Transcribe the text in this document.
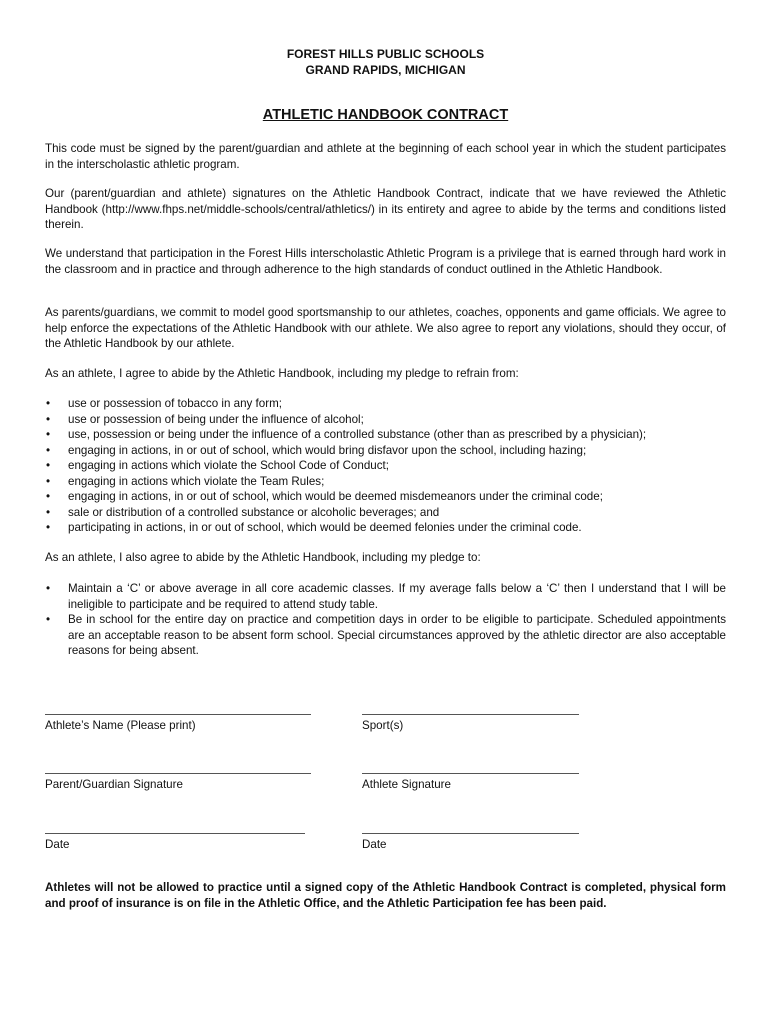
FOREST HILLS PUBLIC SCHOOLS
GRAND RAPIDS, MICHIGAN
ATHLETIC HANDBOOK CONTRACT

This code must be signed by the parent/guardian and athlete at the beginning of each school year in which the student participates in the interscholastic athletic program.

Our (parent/guardian and athlete) signatures on the Athletic Handbook Contract, indicate that we have reviewed the Athletic Handbook (http://www.fhps.net/middle-schools/central/athletics/) in its entirety and agree to abide by the terms and conditions listed therein.

We understand that participation in the Forest Hills interscholastic Athletic Program is a privilege that is earned through hard work in the classroom and in practice and through adherence to the high standards of conduct outlined in the Athletic Handbook.

As parents/guardians, we commit to model good sportsmanship to our athletes, coaches, opponents and game officials. We agree to help enforce the expectations of the Athletic Handbook with our athlete. We also agree to report any violations, should they occur, of the Athletic Handbook by our athlete.

As an athlete, I agree to abide by the Athletic Handbook, including my pledge to refrain from:

• use or possession of tobacco in any form;
• use or possession of being under the influence of alcohol;
• use, possession or being under the influence of a controlled substance (other than as prescribed by a physician);
• engaging in actions, in or out of school, which would bring disfavor upon the school, including hazing;
• engaging in actions which violate the School Code of Conduct;
• engaging in actions which violate the Team Rules;
• engaging in actions, in or out of school, which would be deemed misdemeanors under the criminal code;
• sale or distribution of a controlled substance or alcoholic beverages; and
• participating in actions, in or out of school, which would be deemed felonies under the criminal code.

As an athlete, I also agree to abide by the Athletic Handbook, including my pledge to:

• Maintain a ‘C’ or above average in all core academic classes. If my average falls below a ‘C’ then I understand that I will be ineligible to participate and be required to attend study table.
• Be in school for the entire day on practice and competition days in order to be eligible to participate. Scheduled appointments are an acceptable reason to be absent form school. Special circumstances approved by the athletic director are also acceptable reasons for being absent.
Athlete’s Name (Please print)	Sport(s)
Parent/Guardian Signature	Athlete Signature
Date	Date

Athletes will not be allowed to practice until a signed copy of the Athletic Handbook Contract is completed, physical form and proof of insurance is on file in the Athletic Office, and the Athletic Participation fee has been paid.
